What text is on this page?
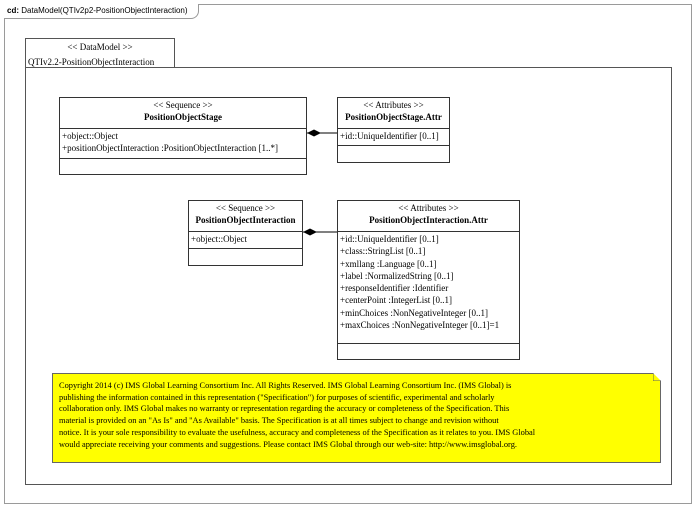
cd: DataModel(QTIv2p2-PositionObjectInteraction)
<< DataModel >>
QTIv2.2-PositionObjectInteraction
<< Sequence >>
PositionObjectStage
+object::Object
+positionObjectInteraction :PositionObjectInteraction [1..*]
<< Attributes >>
PositionObjectStage.Attr
+id::UniqueIdentifier [0..1]
<< Sequence >>
PositionObjectInteraction
+object::Object
<< Attributes >>
PositionObjectInteraction.Attr
+id::UniqueIdentifier [0..1]
+class::StringList [0..1]
+xmllang :Language [0..1]
+label :NormalizedString [0..1]
+responseIdentifier :Identifier
+centerPoint :IntegerList [0..1]
+minChoices :NonNegativeInteger [0..1]
+maxChoices :NonNegativeInteger [0..1]=1
Copyright 2014 (c) IMS Global Learning Consortium Inc. All Rights Reserved. IMS Global Learning Consortium Inc. (IMS Global) is
publishing the information contained in this representation ("Specification") for purposes of scientific, experimental and scholarly
collaboration only. IMS Global makes no warranty or representation regarding the accuracy or completeness of the Specification. This
material is provided on an "As Is" and "As Available" basis. The Specification is at all times subject to change and revision without
notice. It is your sole responsibility to evaluate the usefulness, accuracy and completeness of the Specification as it relates to you. IMS Global
would appreciate receiving your comments and suggestions. Please contact IMS Global through our web-site: http://www.imsglobal.org.
